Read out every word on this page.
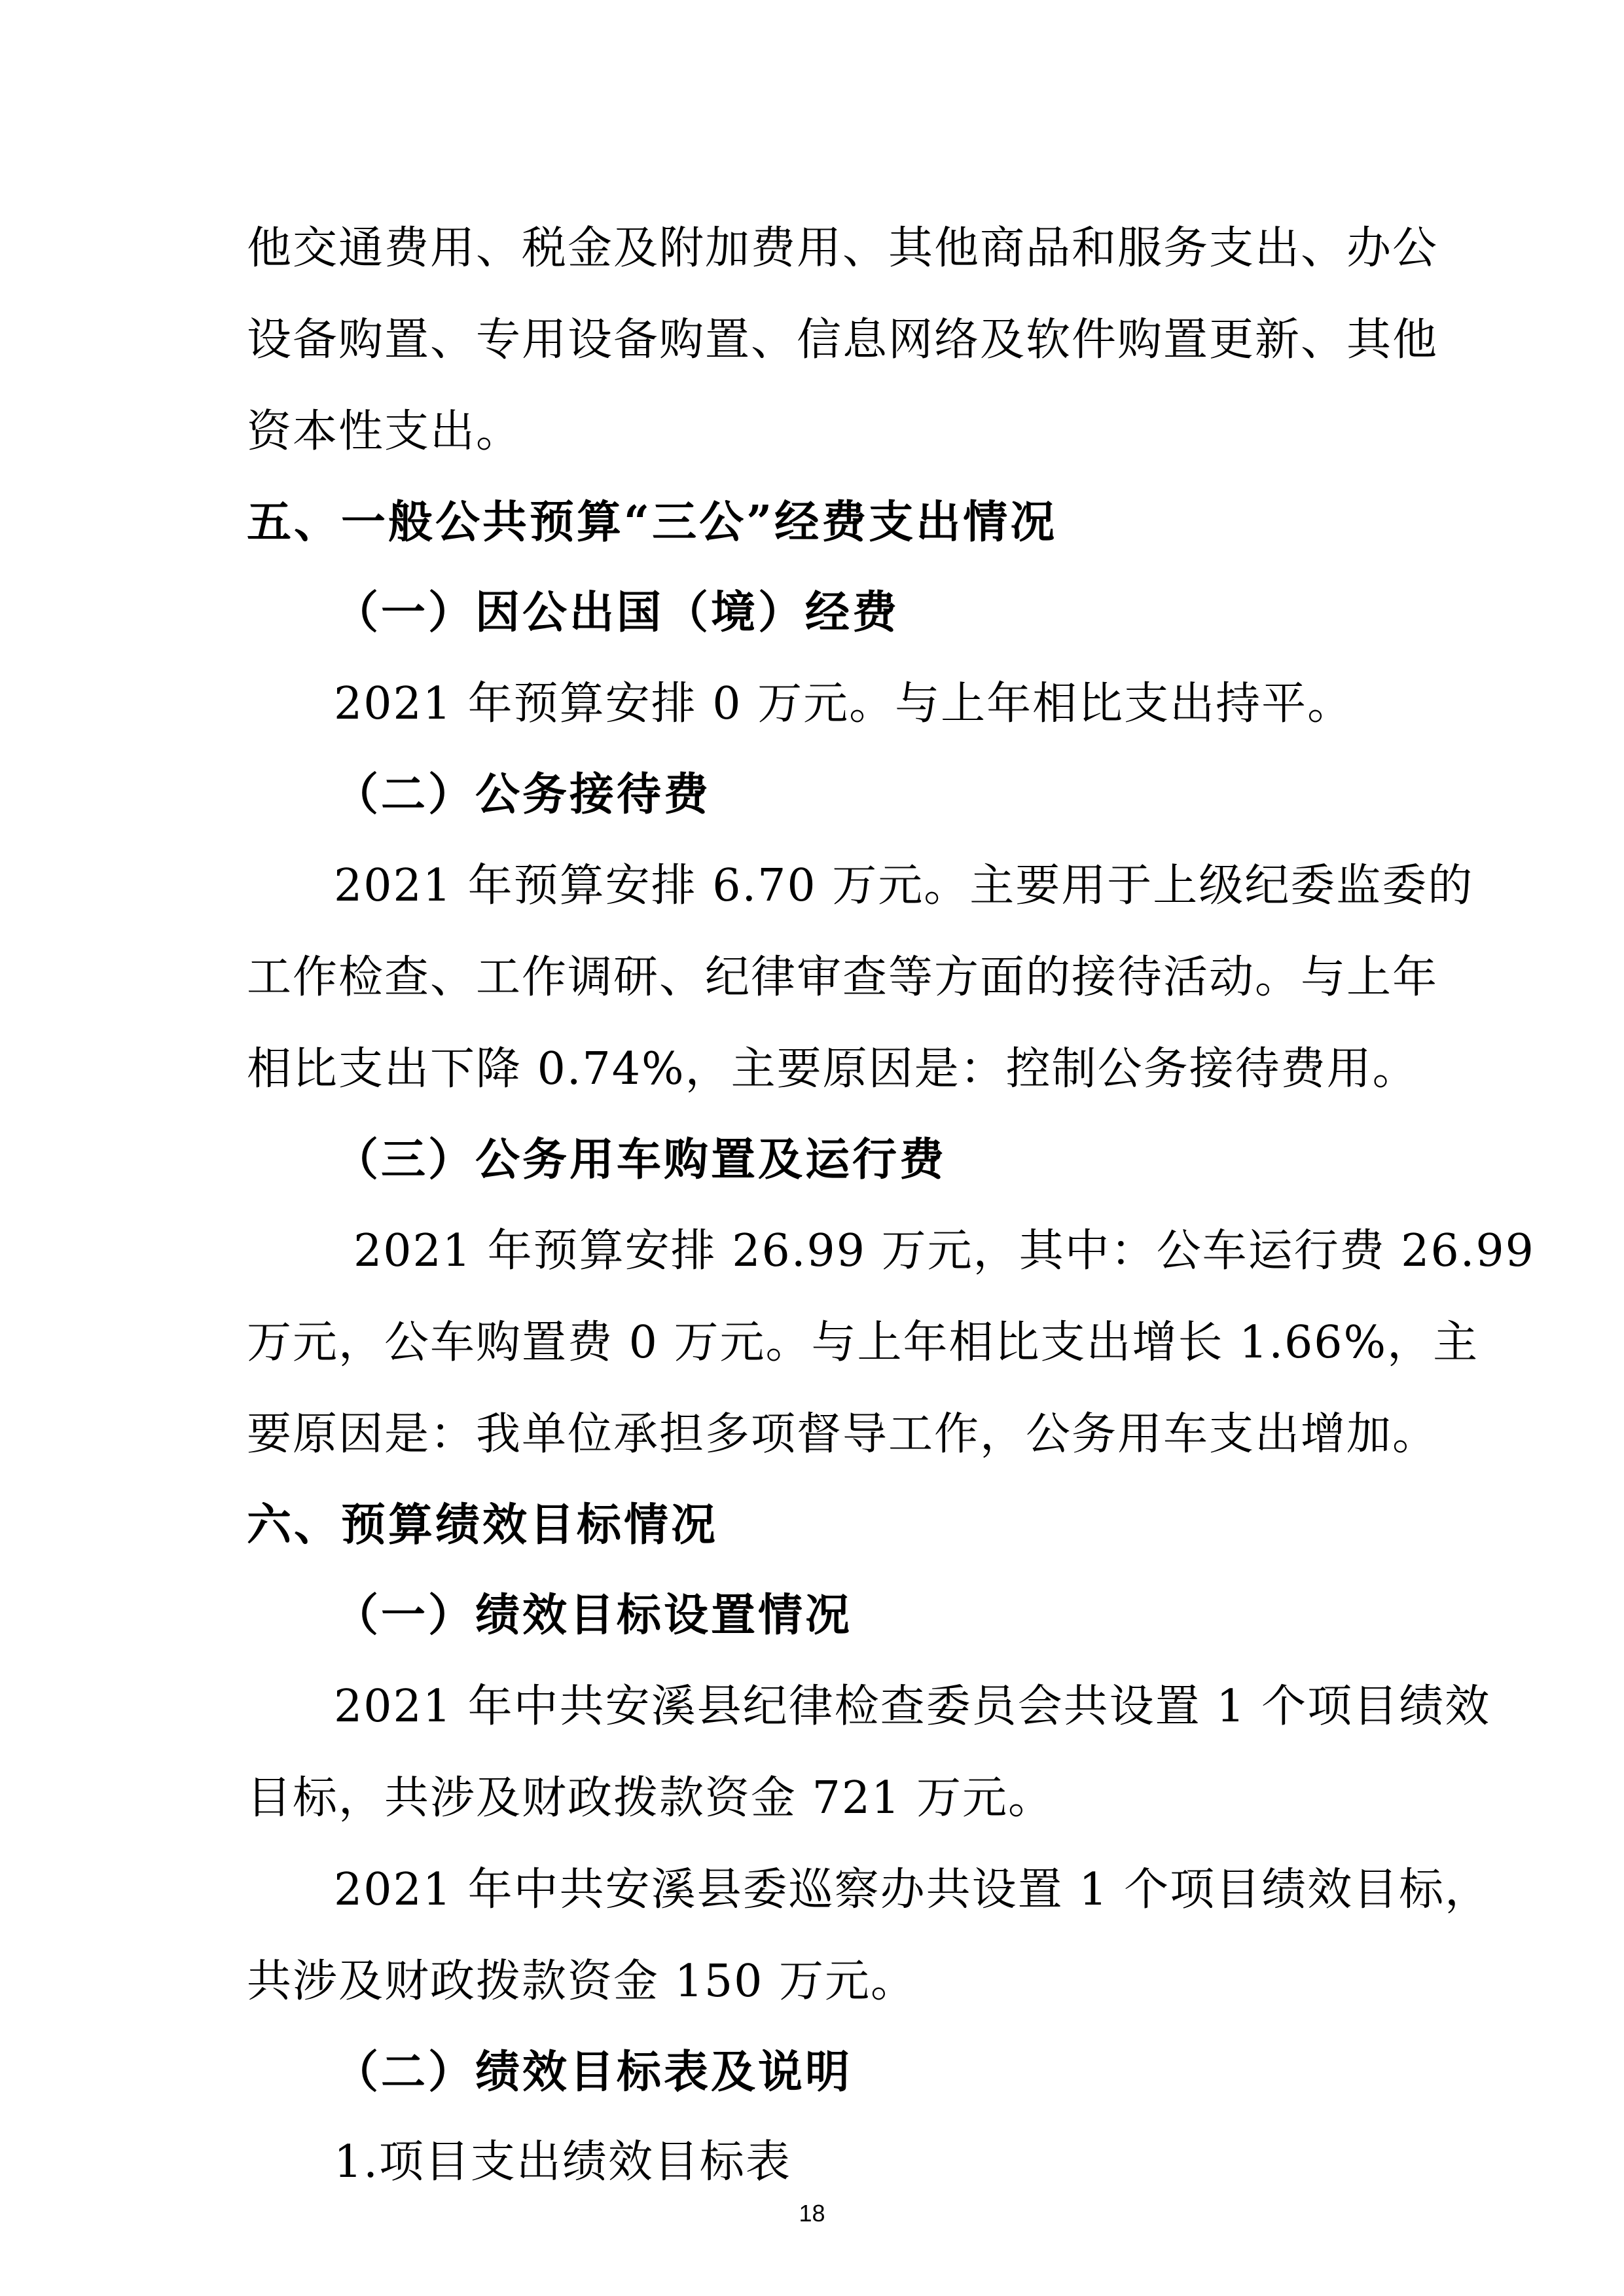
他交通费用、税金及附加费用、其他商品和服务支出、办公
设备购置、专用设备购置、信息网络及软件购置更新、其他
资本性支出。
五、一般公共预算“三公”经费支出情况
（一）因公出国（境）经费
2021 年预算安排 0 万元。与上年相比支出持平。
（二）公务接待费
2021 年预算安排 6.70 万元。主要用于上级纪委监委的
工作检查、工作调研、纪律审查等方面的接待活动。与上年
相比支出下降 0.74%，主要原因是：控制公务接待费用。
（三）公务用车购置及运行费
2021 年预算安排 26.99 万元，其中：公车运行费 26.99
万元，公车购置费 0 万元。与上年相比支出增长 1.66%，主
要原因是：我单位承担多项督导工作，公务用车支出增加。
六、预算绩效目标情况
（一）绩效目标设置情况
2021 年中共安溪县纪律检查委员会共设置 1 个项目绩效
目标，共涉及财政拨款资金 721 万元。
2021 年中共安溪县委巡察办共设置 1 个项目绩效目标，
共涉及财政拨款资金 150 万元。
（二）绩效目标表及说明
1.项目支出绩效目标表
18
